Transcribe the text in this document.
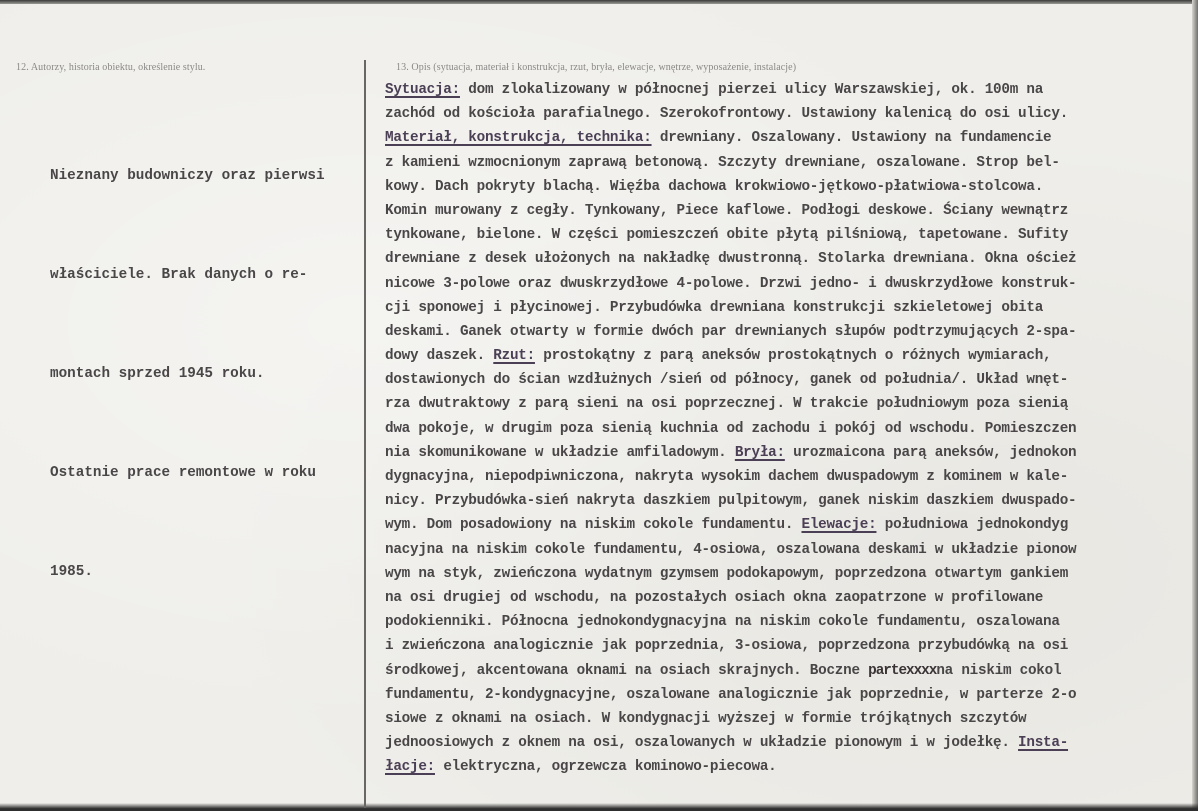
12. Autorzy, historia obiektu, określenie stylu.	13. Opis (sytuacja, materiał i konstrukcja, rzut, bryła, elewacje, wnętrze, wyposażenie, instalacje)

Nieznany budowniczy oraz pierwsi

właściciele. Brak danych o re-

montach sprzed 1945 roku.

Ostatnie prace remontowe w roku

1985.

Sytuacja: dom zlokalizowany w północnej pierzei ulicy Warszawskiej, ok. 100m na
zachód od kościoła parafialnego. Szerokofrontowy. Ustawiony kalenicą do osi ulicy.
Materiał, konstrukcja, technika: drewniany. Oszalowany. Ustawiony na fundamencie
z kamieni wzmocnionym zaprawą betonową. Szczyty drewniane, oszalowane. Strop bel-
kowy. Dach pokryty blachą. Więźba dachowa krokwiowo-jętkowo-płatwiowa-stolcowa.
Komin murowany z cegły. Tynkowany, Piece kaflowe. Podłogi deskowe. Ściany wewnątrz
tynkowane, bielone. W części pomieszczeń obite płytą pilśniową, tapetowane. Sufity
drewniane z desek ułożonych na nakładkę dwustronną. Stolarka drewniana. Okna oścież
nicowe 3-polowe oraz dwuskrzydłowe 4-polowe. Drzwi jedno- i dwuskrzydłowe konstruk-
cji sponowej i płycinowej. Przybudówka drewniana konstrukcji szkieletowej obita
deskami. Ganek otwarty w formie dwóch par drewnianych słupów podtrzymujących 2-spa-
dowy daszek. Rzut: prostokątny z parą aneksów prostokątnych o różnych wymiarach,
dostawionych do ścian wzdłużnych /sień od północy, ganek od południa/. Układ wnęt-
rza dwutraktowy z parą sieni na osi poprzecznej. W trakcie południowym poza sienią
dwa pokoje, w drugim poza sienią kuchnia od zachodu i pokój od wschodu. Pomieszczen
nia skomunikowane w układzie amfiladowym. Bryła: urozmaicona parą aneksów, jednokon
dygnacyjna, niepodpiwniczona, nakryta wysokim dachem dwuspadowym z kominem w kale-
nicy. Przybudówka-sień nakryta daszkiem pulpitowym, ganek niskim daszkiem dwuspado-
wym. Dom posadowiony na niskim cokole fundamentu. Elewacje: południowa jednokondyg
nacyjna na niskim cokole fundamentu, 4-osiowa, oszalowana deskami w układzie pionow
wym na styk, zwieńczona wydatnym gzymsem podokapowym, poprzedzona otwartym gankiem
na osi drugiej od wschodu, na pozostałych osiach okna zaopatrzone w profilowane
podokienniki. Północna jednokondygnacyjna na niskim cokole fundamentu, oszalowana
i zwieńczona analogicznie jak poprzednia, 3-osiowa, poprzedzona przybudówką na osi
środkowej, akcentowana oknami na osiach skrajnych. Boczne partexxxxna niskim cokol
fundamentu, 2-kondygnacyjne, oszalowane analogicznie jak poprzednie, w parterze 2-o
siowe z oknami na osiach. W kondygnacji wyższej w formie trójkątnych szczytów
jednoosiowych z oknem na osi, oszalowanych w układzie pionowym i w jodełkę. Insta-
łacje: elektryczna, ogrzewcza kominowo-piecowa.
